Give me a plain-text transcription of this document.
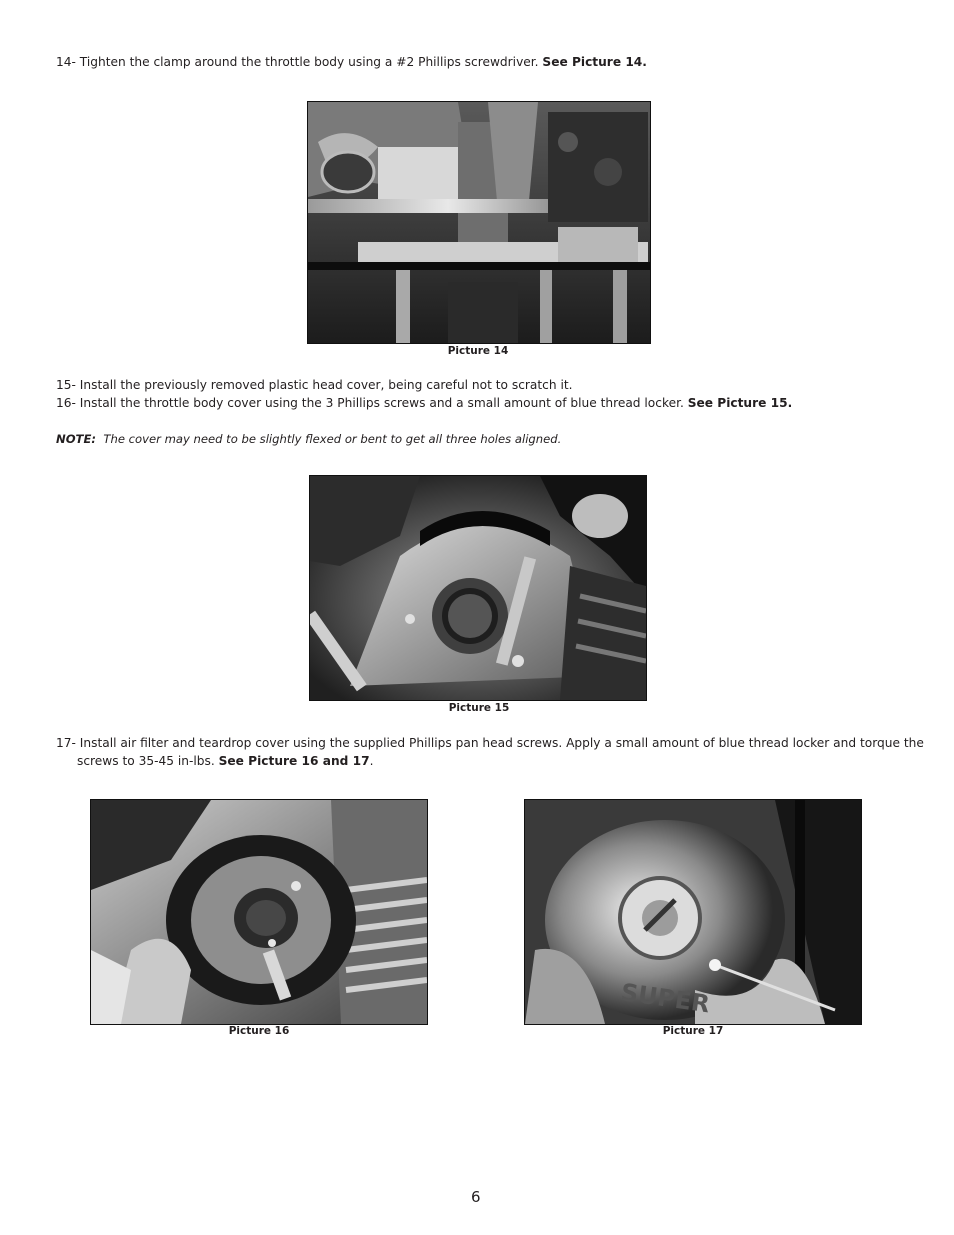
14- Tighten the clamp around the throttle body using a #2 Phillips screwdriver. See Picture 14.
Picture 14
15- Install the previously removed plastic head cover, being careful not to scratch it.
16- Install the throttle body cover using the 3 Phillips screws and a small amount of blue thread locker. See Picture 15.
NOTE: The cover may need to be slightly flexed or bent to get all three holes aligned.
Picture 15
17- Install air filter and teardrop cover using the supplied Phillips pan head screws. Apply a small amount of blue thread locker and torque the
screws to 35-45 in-lbs. See Picture 16 and 17.
Picture 16
SUPER
Picture 17
6
